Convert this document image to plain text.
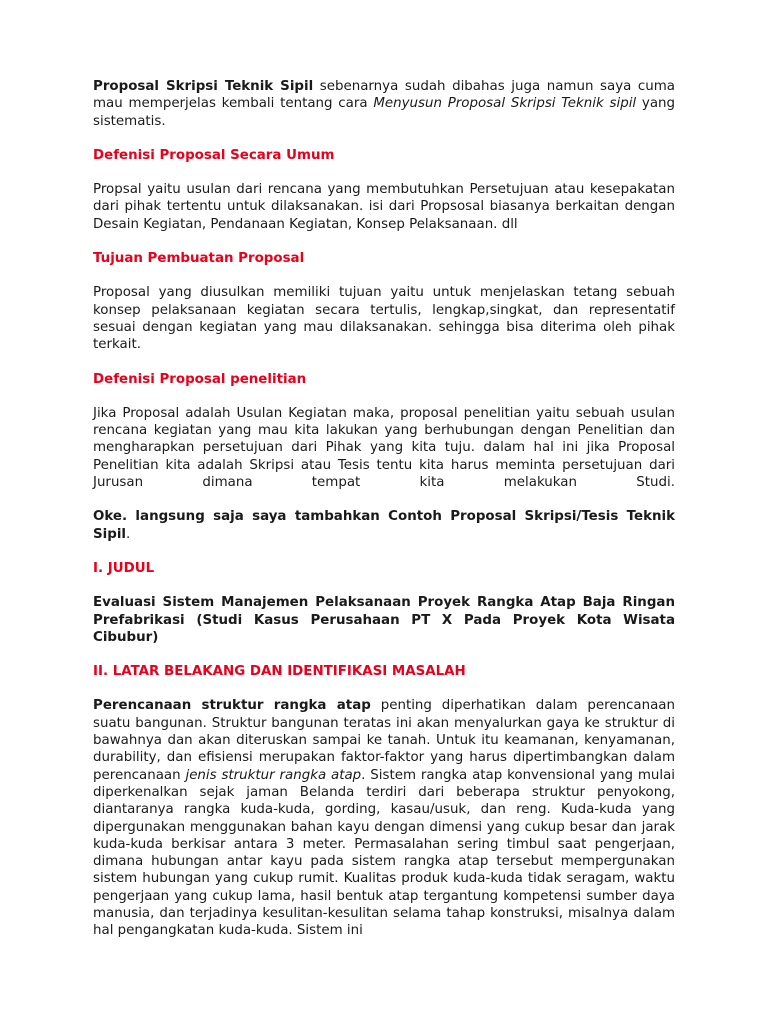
Proposal Skripsi Teknik Sipil sebenarnya sudah dibahas juga namun saya cuma mau memperjelas kembali tentang cara Menyusun Proposal Skripsi Teknik sipil yang sistematis.

Defenisi Proposal Secara Umum

Propsal yaitu usulan dari rencana yang membutuhkan Persetujuan atau kesepakatan dari pihak tertentu untuk dilaksanakan. isi dari Propsosal biasanya berkaitan dengan Desain Kegiatan, Pendanaan Kegiatan, Konsep Pelaksanaan. dll

Tujuan Pembuatan Proposal

Proposal yang diusulkan memiliki tujuan yaitu untuk menjelaskan tetang sebuah konsep pelaksanaan kegiatan secara tertulis, lengkap,singkat, dan representatif sesuai dengan kegiatan yang mau dilaksanakan. sehingga bisa diterima oleh pihak terkait.

Defenisi Proposal penelitian

Jika Proposal adalah Usulan Kegiatan maka, proposal penelitian yaitu sebuah usulan rencana kegiatan yang mau kita lakukan yang berhubungan dengan Penelitian dan mengharapkan persetujuan dari Pihak yang kita tuju. dalam hal ini jika Proposal Penelitian kita adalah Skripsi atau Tesis tentu kita harus meminta persetujuan dari Jurusan dimana tempat kita melakukan Studi.

Oke. langsung saja saya tambahkan Contoh Proposal Skripsi/Tesis Teknik Sipil.

I. JUDUL

Evaluasi Sistem Manajemen Pelaksanaan Proyek Rangka Atap Baja Ringan Prefabrikasi (Studi Kasus Perusahaan PT X Pada Proyek Kota Wisata Cibubur)

II. LATAR BELAKANG DAN IDENTIFIKASI MASALAH

Perencanaan struktur rangka atap penting diperhatikan dalam perencanaan suatu bangunan. Struktur bangunan teratas ini akan menyalurkan gaya ke struktur di bawahnya dan akan diteruskan sampai ke tanah. Untuk itu keamanan, kenyamanan, durability, dan efisiensi merupakan faktor-faktor yang harus dipertimbangkan dalam perencanaan jenis struktur rangka atap. Sistem rangka atap konvensional yang mulai diperkenalkan sejak jaman Belanda terdiri dari beberapa struktur penyokong, diantaranya rangka kuda-kuda, gording, kasau/usuk, dan reng. Kuda-kuda yang dipergunakan menggunakan bahan kayu dengan dimensi yang cukup besar dan jarak kuda-kuda berkisar antara 3 meter. Permasalahan sering timbul saat pengerjaan, dimana hubungan antar kayu pada sistem rangka atap tersebut mempergunakan sistem hubungan yang cukup rumit. Kualitas produk kuda-kuda tidak seragam, waktu pengerjaan yang cukup lama, hasil bentuk atap tergantung kompetensi sumber daya manusia, dan terjadinya kesulitan-kesulitan selama tahap konstruksi, misalnya dalam hal pengangkatan kuda-kuda. Sistem ini
